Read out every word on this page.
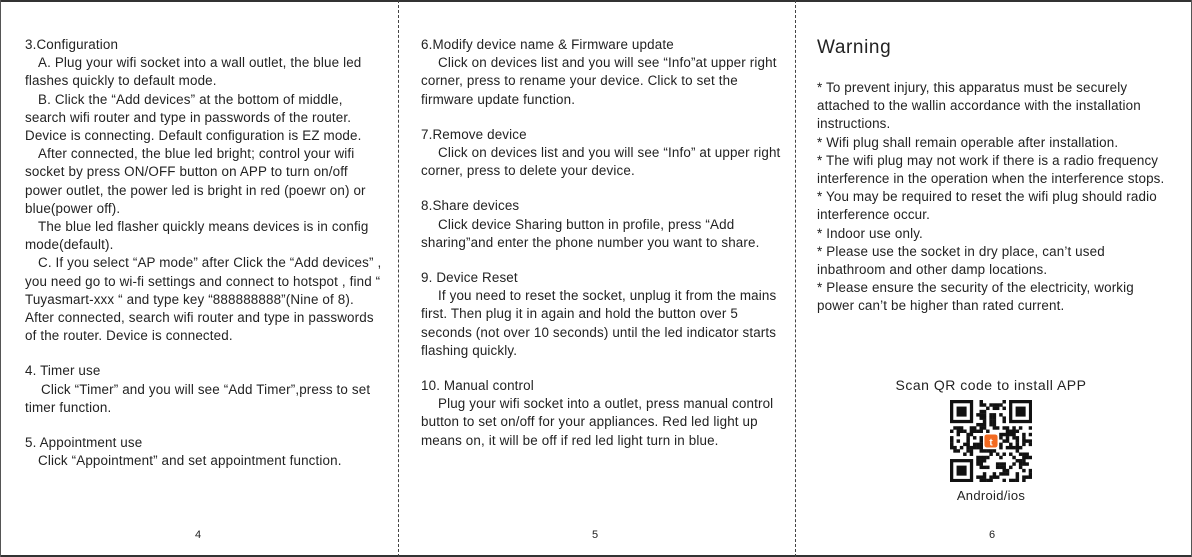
3.Configuration

A. Plug your wifi socket into a wall outlet, the blue led flashes quickly to default mode.

B. Click the “Add devices” at the bottom of middle, search wifi router and type in passwords of the router. Device is connecting. Default configuration is EZ mode.

After connected, the blue led bright; control your wifi socket by press ON/OFF button on APP to turn on/off power outlet, the power led is bright in red (poewr on) or blue(power off).

The blue led flasher quickly means devices is in config mode(default).

C. If you select “AP mode” after Click the “Add devices” , you need go to wi-fi settings and connect to hotspot , find “ Tuyasmart-xxx “ and type key “888888888”(Nine of 8). After connected, search wifi router and type in passwords of the router. Device is connected.

4. Timer use

Click “Timer” and you will see “Add Timer”,press to set timer function.

5. Appointment use

Click “Appointment” and set appointment function.

4

6.Modify device name & Firmware update

Click on devices list and you will see “Info”at upper right corner, press to rename your device. Click to set the firmware update function.

7.Remove device

Click on devices list and you will see “Info” at upper right corner, press to delete your device.

8.Share devices

Click device Sharing button in profile, press “Add sharing”and enter the phone number you want to share.

9. Device Reset

If you need to reset the socket, unplug it from the mains first. Then plug it in again and hold the button over 5 seconds (not over 10 seconds) until the led indicator starts flashing quickly.

10. Manual control

Plug your wifi socket into a outlet, press manual control button to set on/off for your appliances. Red led light up means on, it will be off if red led light turn in blue.

5

Warning

* To prevent injury, this apparatus must be securely attached to the wallin accordance with the installation instructions.

* Wifi plug shall remain operable after installation.

* The wifi plug may not work if there is a radio frequency interference in the operation when the interference stops.

* You may be required to reset the wifi plug should radio interference occur.

* Indoor use only.

* Please use the socket in dry place, can’t used inbathroom and other damp locations.

* Please ensure the security of the electricity, workig power can’t be higher than rated current.

Scan QR code to install APP
t
Android/ios
6
